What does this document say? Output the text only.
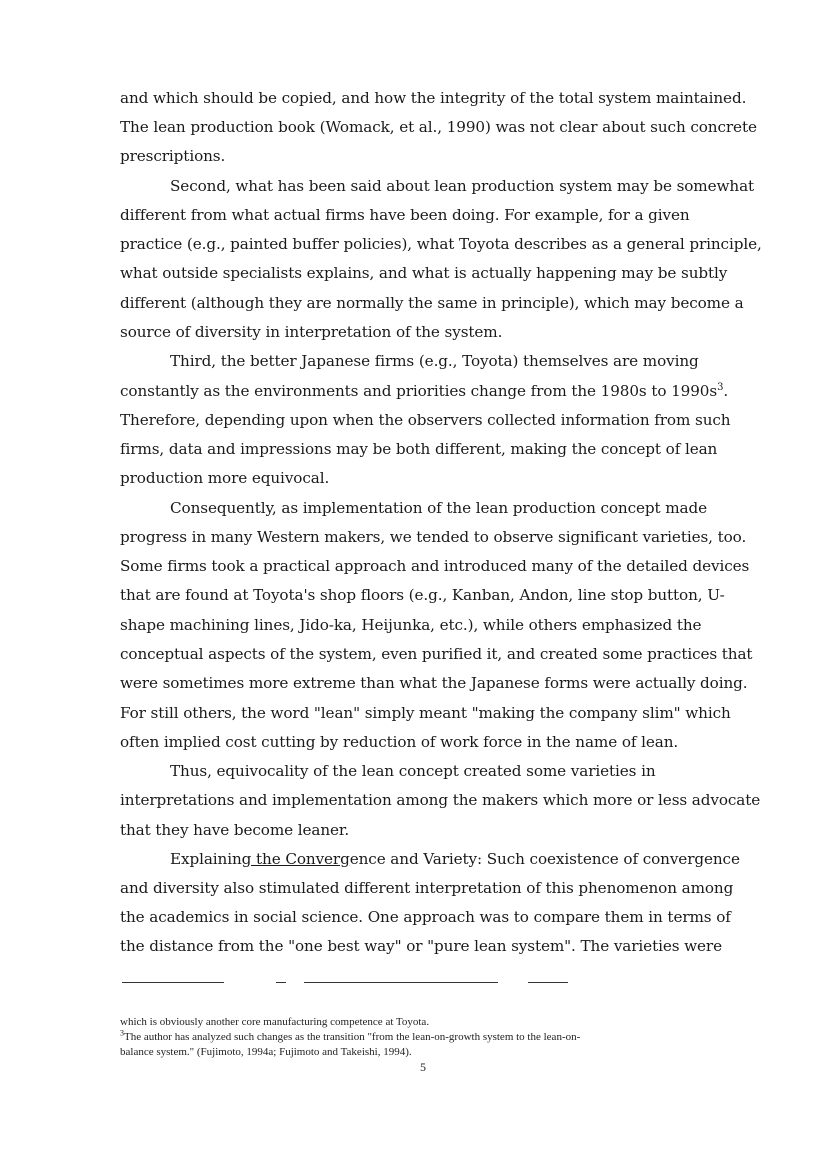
and which should be copied, and how the integrity of the total system maintained.
The lean production book (Womack, et al., 1990) was not clear about such concrete
prescriptions.
Second, what has been said about lean production system may be somewhat
different from what actual firms have been doing. For example, for a given
practice (e.g., painted buffer policies), what Toyota describes as a general principle,
what outside specialists explains, and what is actually happening may be subtly
different (although they are normally the same in principle), which may become a
source of diversity in interpretation of the system.
Third, the better Japanese firms (e.g., Toyota) themselves are moving
constantly as the environments and priorities change from the 1980s to $1990s^3$.
Therefore, depending upon when the observers collected information from such
firms, data and impressions may be both different, making the concept of lean
production more equivocal.
Consequently, as implementation of the lean production concept made
progress in many Western makers, we tended to observe significant varieties, too.
Some firms took a practical approach and introduced many of the detailed devices
that are found at Toyota's shop floors (e.g., Kanban, Andon, line stop button, U-
shape machining lines, Jido-ka, Heijunka, etc.), while others emphasized the
conceptual aspects of the system, even purified it, and created some practices that
were sometimes more extreme than what the Japanese forms were actually doing.
For still others, the word "lean" simply meant "making the company slim" which
often implied cost cutting by reduction of work force in the name of lean.
Thus, equivocality of the lean concept created some varieties in
interpretations and implementation among the makers which more or less advocate
that they have become leaner.
Explaining the Convergence and Variety: Such coexistence of convergence
and diversity also stimulated different interpretation of this phenomenon among
the academics in social science. One approach was to compare them in terms of
the distance from the "one best way" or "pure lean system". The varieties were
which is obviously another core manufacturing competence at Toyota.
$^3$The author has analyzed such changes as the transition "from the lean-on-growth system to the lean-on-
balance system." (Fujimoto, 1994a; Fujimoto and Takeishi, 1994).
5
